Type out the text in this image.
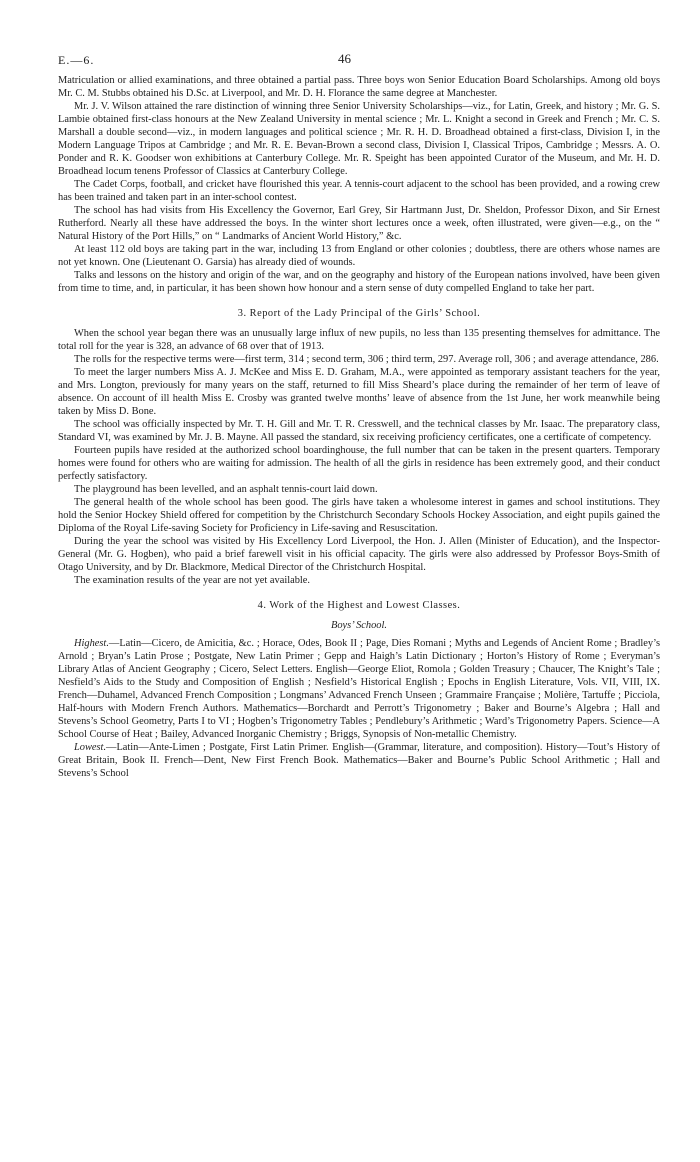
E.—6.	46

Matriculation or allied examinations, and three obtained a partial pass. Three boys won Senior Education Board Scholarships. Among old boys Mr. C. M. Stubbs obtained his D.Sc. at Liverpool, and Mr. D. H. Florance the same degree at Manchester.

Mr. J. V. Wilson attained the rare distinction of winning three Senior University Scholarships—viz., for Latin, Greek, and history ; Mr. G. S. Lambie obtained first-class honours at the New Zealand University in mental science ; Mr. L. Knight a second in Greek and French ; Mr. C. S. Marshall a double second—viz., in modern languages and political science ; Mr. R. H. D. Broadhead obtained a first-class, Division I, in the Modern Language Tripos at Cambridge ; and Mr. R. E. Bevan-Brown a second class, Division I, Classical Tripos, Cambridge ; Messrs. A. O. Ponder and R. K. Goodser won exhibitions at Canterbury College. Mr. R. Speight has been appointed Curator of the Museum, and Mr. H. D. Broadhead locum tenens Professor of Classics at Canterbury College.

The Cadet Corps, football, and cricket have flourished this year. A tennis-court adjacent to the school has been provided, and a rowing crew has been trained and taken part in an inter-school contest.

The school has had visits from His Excellency the Governor, Earl Grey, Sir Hartmann Just, Dr. Sheldon, Professor Dixon, and Sir Ernest Rutherford. Nearly all these have addressed the boys. In the winter short lectures once a week, often illustrated, were given—e.g., on the “ Natural History of the Port Hills,” on “ Landmarks of Ancient World History,” &c.

At least 112 old boys are taking part in the war, including 13 from England or other colonies ; doubtless, there are others whose names are not yet known. One (Lieutenant O. Garsia) has already died of wounds.

Talks and lessons on the history and origin of the war, and on the geography and history of the European nations involved, have been given from time to time, and, in particular, it has been shown how honour and a stern sense of duty compelled England to take her part.

3. Report of the Lady Principal of the Girls’ School.

When the school year began there was an unusually large influx of new pupils, no less than 135 presenting themselves for admittance. The total roll for the year is 328, an advance of 68 over that of 1913.

The rolls for the respective terms were—first term, 314 ; second term, 306 ; third term, 297. Average roll, 306 ; and average attendance, 286.

To meet the larger numbers Miss A. J. McKee and Miss E. D. Graham, M.A., were appointed as temporary assistant teachers for the year, and Mrs. Longton, previously for many years on the staff, returned to fill Miss Sheard’s place during the remainder of her term of leave of absence. On account of ill health Miss E. Crosby was granted twelve months’ leave of absence from the 1st June, her work meanwhile being taken by Miss D. Bone.

The school was officially inspected by Mr. T. H. Gill and Mr. T. R. Cresswell, and the technical classes by Mr. Isaac. The preparatory class, Standard VI, was examined by Mr. J. B. Mayne. All passed the standard, six receiving proficiency certificates, one a certificate of competency.

Fourteen pupils have resided at the authorized school boardinghouse, the full number that can be taken in the present quarters. Temporary homes were found for others who are waiting for admission. The health of all the girls in residence has been extremely good, and their conduct perfectly satisfactory.

The playground has been levelled, and an asphalt tennis-court laid down.

The general health of the whole school has been good. The girls have taken a wholesome interest in games and school institutions. They hold the Senior Hockey Shield offered for competition by the Christchurch Secondary Schools Hockey Association, and eight pupils gained the Diploma of the Royal Life-saving Society for Proficiency in Life-saving and Resuscitation.

During the year the school was visited by His Excellency Lord Liverpool, the Hon. J. Allen (Minister of Education), and the Inspector-General (Mr. G. Hogben), who paid a brief farewell visit in his official capacity. The girls were also addressed by Professor Boys-Smith of Otago University, and by Dr. Blackmore, Medical Director of the Christchurch Hospital.

The examination results of the year are not yet available.

4. Work of the Highest and Lowest Classes.
Boys’ School.

Highest.—Latin—Cicero, de Amicitia, &c. ; Horace, Odes, Book II ; Page, Dies Romani ; Myths and Legends of Ancient Rome ; Bradley’s Arnold ; Bryan’s Latin Prose ; Postgate, New Latin Primer ; Gepp and Haigh’s Latin Dictionary ; Horton’s History of Rome ; Everyman’s Library Atlas of Ancient Geography ; Cicero, Select Letters. English—George Eliot, Romola ; Golden Treasury ; Chaucer, The Knight’s Tale ; Nesfield’s Aids to the Study and Composition of English ; Nesfield’s Historical English ; Epochs in English Literature, Vols. VII, VIII, IX. French—Duhamel, Advanced French Composition ; Longmans’ Advanced French Unseen ; Grammaire Française ; Molière, Tartuffe ; Picciola, Half-hours with Modern French Authors. Mathematics—Borchardt and Perrott’s Trigonometry ; Baker and Bourne’s Algebra ; Hall and Stevens’s School Geometry, Parts I to VI ; Hogben’s Trigonometry Tables ; Pendlebury’s Arithmetic ; Ward’s Trigonometry Papers. Science—A School Course of Heat ; Bailey, Advanced Inorganic Chemistry ; Briggs, Synopsis of Non-metallic Chemistry.

Lowest.—Latin—Ante-Limen ; Postgate, First Latin Primer. English—(Grammar, literature, and composition). History—Tout’s History of Great Britain, Book II. French—Dent, New First French Book. Mathematics—Baker and Bourne’s Public School Arithmetic ; Hall and Stevens’s School
